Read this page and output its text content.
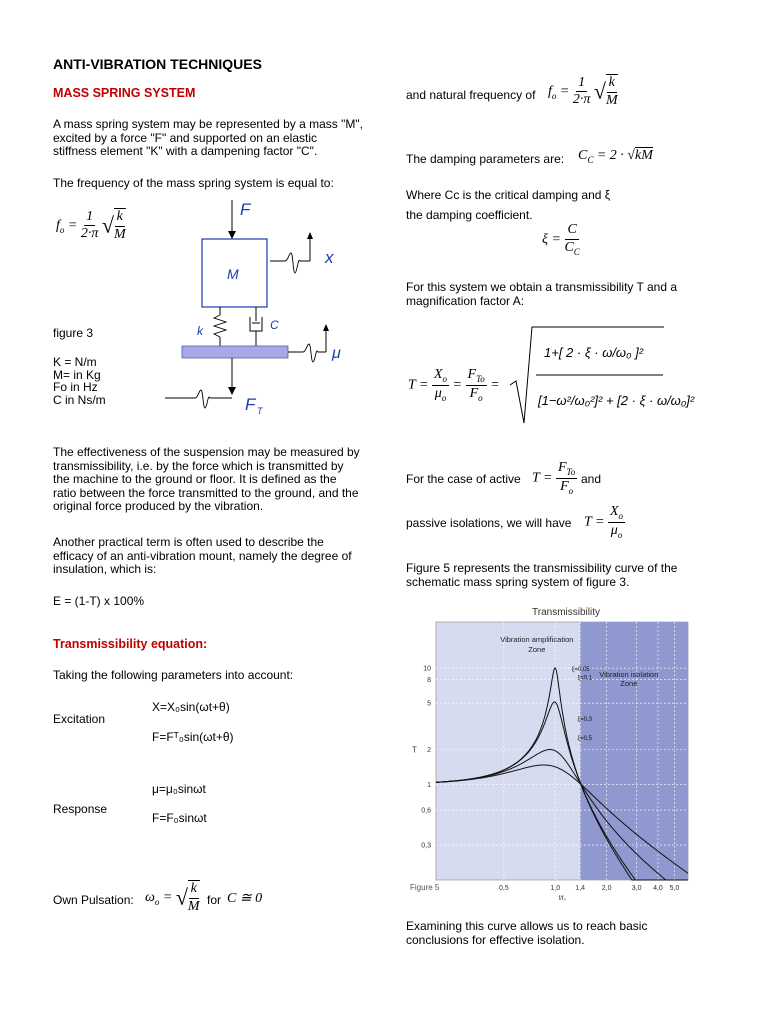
ANTI-VIBRATION TECHNIQUES
MASS SPRING SYSTEM
A mass spring system may be represented by a mass "M", excited by a force "F" and supported on an elastic stiffness element "K" with a dampening factor "C".
The frequency of the mass spring system is equal to:
$f_o = \frac{1}{2\cdot\pi}$ √ $\frac{k}{M}$
figure 3
K = N/m
M= in Kg
Fo in Hz
C in Ns/m
F
M
x
k	C
μ
F T
The effectiveness of the suspension may be measured by transmissibility, i.e. by the force which is transmitted by the machine to the ground or floor. It is defined as the ratio between the force transmitted to the ground, and the original force produced by the vibration.
Another practical term is often used to describe the efficacy of an anti-vibration mount, namely the degree of insulation, which is:
E = (1-T) x 100%
Transmissibility equation:
Taking the following parameters into account:
Excitation
X=X₀sin(ωt+θ)
F=Fᵀ₀sin(ωt+θ)
Response
μ=μ₀sinωt
F=F₀sinωt
Own Pulsation: $\omega_o$ = √ $\frac{k}{M}$ for C ≅ 0
and natural frequency of $f_o = \frac{1}{2\cdot\pi}$ √ $\frac{k}{M}$
The damping parameters are: $C_C = 2 \cdot √kM$
Where Cc is the critical damping and ξ
the damping coefficient.
$\xi = \frac{C}{C_C}$
For this system we obtain a transmissibility T and a magnification factor A:
$T = \frac{X_o}{\mu_o} = \frac{F_{To}}{F_o}$ =
1+[ 2 · ξ · ω/ω₀ ]²
[1−ω²/ω₀²]² + [2 · ξ · ω/ω₀]²
For the case of active $T = \frac{F_{To}}{F_o}$ and
passive isolations, we will have $T = \frac{X_o}{\mu_o}$
Figure 5 represents the transmissibility curve of the schematic mass spring system of figure 3.
Transmissibility
0,5	1,0 1,4 2,0	3,0 4,0 5,0
0,3
0,6
1
2
5
8
10
f/f₀
T
Figure 5
Vibration amplification
Zone
Vibration isolation
Zone
ξ=0,05
ξ=0,1
ξ=0,3
ξ=0,5
Examining this curve allows us to reach basic conclusions for effective isolation.
